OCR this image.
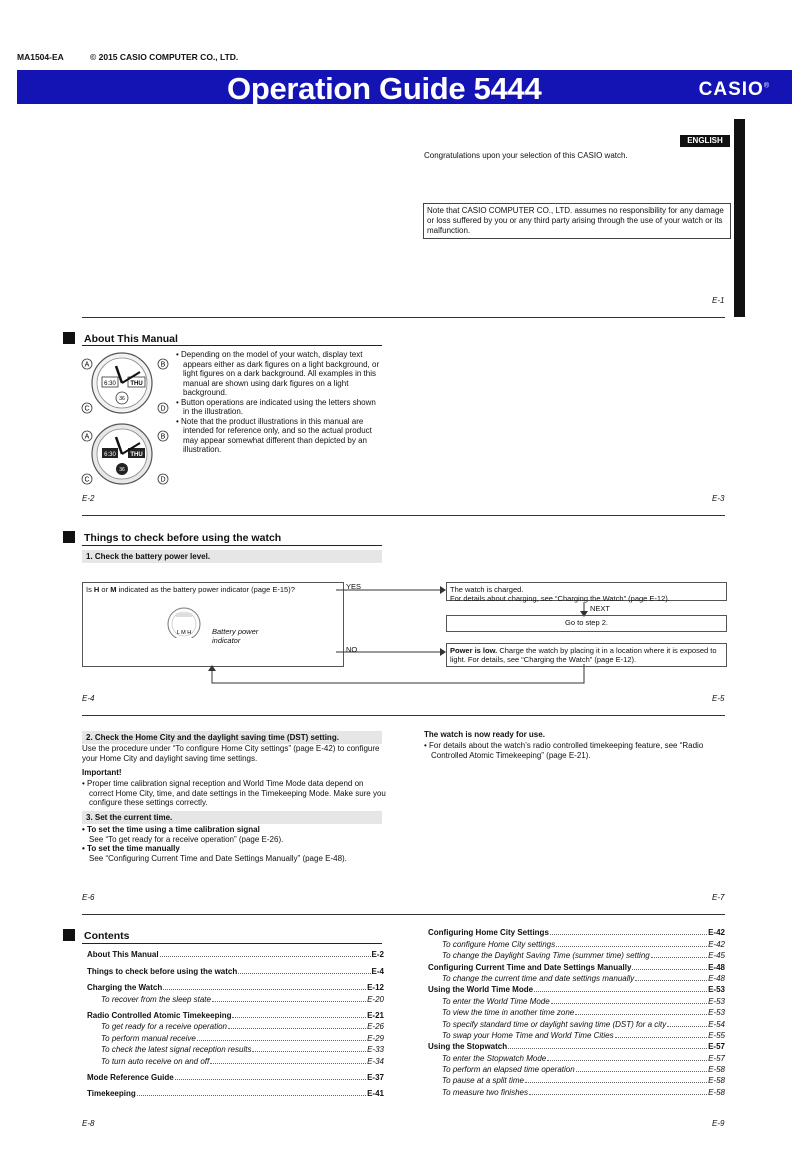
MA1504-EA	© 2015 CASIO COMPUTER CO., LTD.
Operation Guide 5444	CASIO®
ENGLISH
Congratulations upon your selection of this CASIO watch.
Note that CASIO COMPUTER CO., LTD. assumes no responsibility for any damage or loss suffered by you or any third party arising through the use of your watch or its malfunction.
E-1
About This Manual
6:30 THU
36
6:30 THU
36
A	B
C	D
A	B
C	D

• Depending on the model of your watch, display text appears either as dark figures on a light background, or light figures on a dark background. All examples in this manual are shown using dark figures on a light background.

• Button operations are indicated using the letters shown in the illustration.

• Note that the product illustrations in this manual are intended for reference only, and so the actual product may appear somewhat different than depicted by an illustration.

E-2	E-3
Things to check before using the watch
1. Check the battery power level.
Is H or M indicated as the battery power indicator (page E-15)?
L M H	Battery power indicator
YES
NO
The watch is charged.
For details about charging, see “Charging the Watch” (page E-12).
NEXT
Go to step 2.
Power is low. Charge the watch by placing it in a location where it is exposed to light. For details, see “Charging the Watch” (page E-12).
E-4	E-5
2. Check the Home City and the daylight saving time (DST) setting.
Use the procedure under “To configure Home City settings” (page E-42) to configure your Home City and daylight saving time settings.
Important!

• Proper time calibration signal reception and World Time Mode data depend on correct Home City, time, and date settings in the Timekeeping Mode. Make sure you configure these settings correctly.

3. Set the current time.

• To set the time using a time calibration signal

See “To get ready for a receive operation” (page E-26).

• To set the time manually

See “Configuring Current Time and Date Settings Manually” (page E-48).

The watch is now ready for use.

• For details about the watch’s radio controlled timekeeping feature, see “Radio Controlled Atomic Timekeeping” (page E-21).

E-6	E-7
Contents
About This Manual	E-2
Things to check before using the watch	E-4
Charging the Watch	E-12
To recover from the sleep state	E-20
Radio Controlled Atomic Timekeeping	E-21
To get ready for a receive operation	E-26
To perform manual receive	E-29
To check the latest signal reception results	E-33
To turn auto receive on and off	E-34
Mode Reference Guide	E-37
Timekeeping	E-41
Configuring Home City Settings	E-42
To configure Home City settings	E-42
To change the Daylight Saving Time (summer time) setting	E-45
Configuring Current Time and Date Settings Manually	E-48
To change the current time and date settings manually	E-48
Using the World Time Mode	E-53
To enter the World Time Mode	E-53
To view the time in another time zone	E-53
To specify standard time or daylight saving time (DST) for a city	E-54
To swap your Home Time and World Time Cities	E-55
Using the Stopwatch	E-57
To enter the Stopwatch Mode	E-57
To perform an elapsed time operation	E-58
To pause at a split time	E-58
To measure two finishes	E-58
E-8	E-9
